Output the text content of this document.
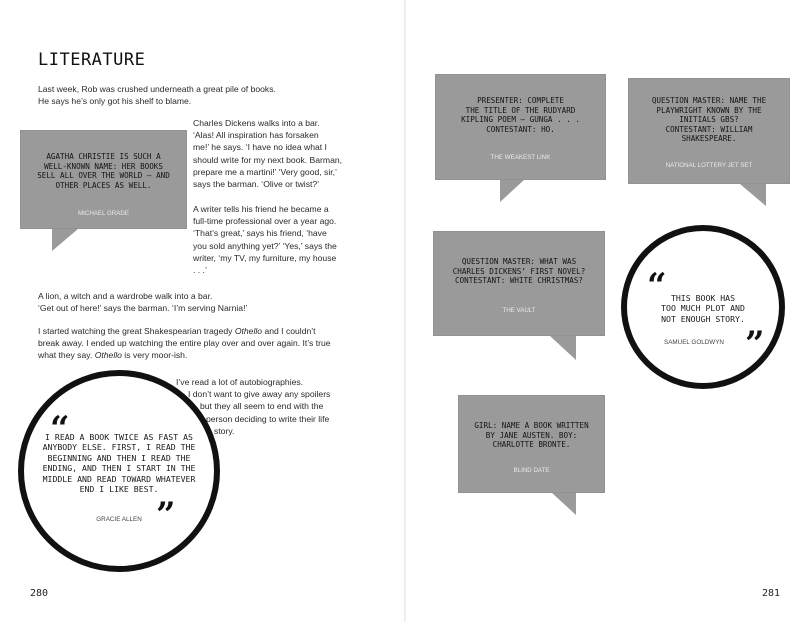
LITERATURE
Last week, Rob was crushed underneath a great pile of books.
He says he’s only got his shelf to blame.
Charles Dickens walks into a bar.
‘Alas! All inspiration has forsaken
me!’ he says. ‘I have no idea what I
should write for my next book. Barman,
prepare me a martini!’ ‘Very good, sir,’
says the barman. ‘Olive or twist?’
A writer tells his friend he became a
full-time professional over a year ago.
‘That’s great,’ says his friend, ‘have
you sold anything yet?’ ‘Yes,’ says the
writer, ‘my TV, my furniture, my house
. . .’
A lion, a witch and a wardrobe walk into a bar.
‘Get out of here!’ says the barman. ‘I’m serving Narnia!’
I started watching the great Shakespearian tragedy Othello and I couldn’t
break away. I ended up watching the entire play over and over again. It’s true
what they say. Othello is very moor-ish.
I’ve read a lot of autobiographies.
I don’t want to give away any spoilers
but they all seem to end with the
person deciding to write their life
story.
AGATHA CHRISTIE IS SUCH A
WELL-KNOWN NAME: HER BOOKS
SELL ALL OVER THE WORLD – AND
OTHER PLACES AS WELL.
MICHAEL GRADE
“
I READ A BOOK TWICE AS FAST AS
ANYBODY ELSE. FIRST, I READ THE
BEGINNING AND THEN I READ THE
ENDING, AND THEN I START IN THE
MIDDLE AND READ TOWARD WHATEVER
END I LIKE BEST.
GRACIE ALLEN ”
280
PRESENTER: COMPLETE
THE TITLE OF THE RUDYARD
KIPLING POEM – GUNGA . . .
CONTESTANT: HO.
THE WEAKEST LINK
QUESTION MASTER: NAME THE
PLAYWRIGHT KNOWN BY THE
INITIALS GBS?
CONTESTANT: WILLIAM
SHAKESPEARE.
NATIONAL LOTTERY JET SET
QUESTION MASTER: WHAT WAS
CHARLES DICKENS’ FIRST NOVEL?
CONTESTANT: WHITE CHRISTMAS?
THE VAULT
“ THIS BOOK HAS
TOO MUCH PLOT AND
NOT ENOUGH STORY.
SAMUEL GOLDWYN ”
GIRL: NAME A BOOK WRITTEN
BY JANE AUSTEN. BOY:
CHARLOTTE BRONTE.
BLIND DATE
281
